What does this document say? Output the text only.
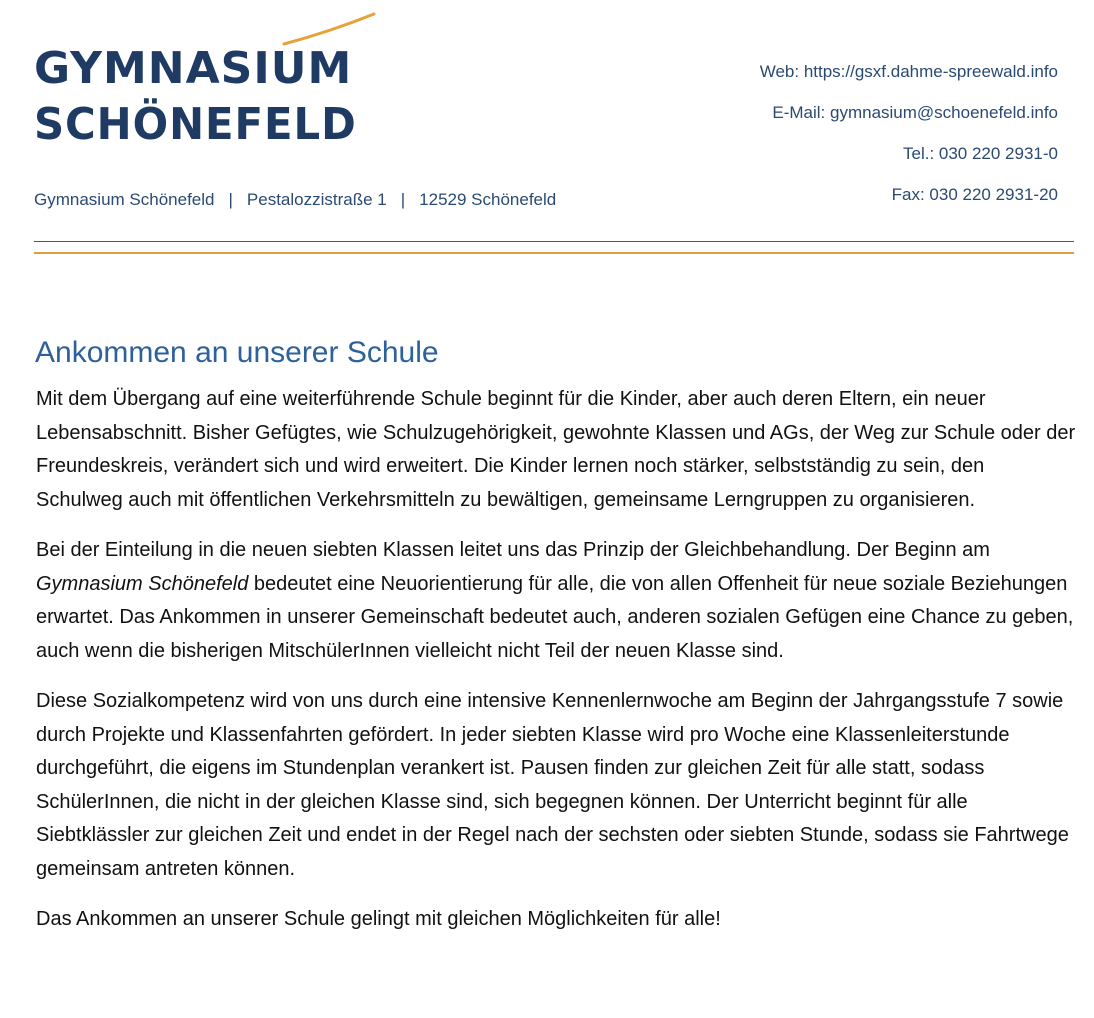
GYMNASIUM
SCHÖNEFELD
Gymnasium Schönefeld | Pestalozzistraße 1 | 12529 Schönefeld
Web: https://gsxf.dahme-spreewald.info
E-Mail: gymnasium@schoenefeld.info
Tel.: 030 220 2931-0
Fax: 030 220 2931-20
Ankommen an unserer Schule

Mit dem Übergang auf eine weiterführende Schule beginnt für die Kinder, aber auch deren Eltern, ein neuer Lebensabschnitt. Bisher Gefügtes, wie Schulzugehörigkeit, gewohnte Klassen und AGs, der Weg zur Schule oder der Freundeskreis, verändert sich und wird erweitert. Die Kinder lernen noch stärker, selbstständig zu sein, den Schulweg auch mit öffentlichen Verkehrsmitteln zu bewältigen, gemeinsame Lerngruppen zu organisieren.

Bei der Einteilung in die neuen siebten Klassen leitet uns das Prinzip der Gleichbehandlung. Der Beginn am Gymnasium Schönefeld bedeutet eine Neuorientierung für alle, die von allen Offenheit für neue soziale Beziehungen erwartet. Das Ankommen in unserer Gemeinschaft bedeutet auch, anderen sozialen Gefügen eine Chance zu geben, auch wenn die bisherigen MitschülerInnen vielleicht nicht Teil der neuen Klasse sind.

Diese Sozialkompetenz wird von uns durch eine intensive Kennenlernwoche am Beginn der Jahrgangsstufe 7 sowie durch Projekte und Klassenfahrten gefördert. In jeder siebten Klasse wird pro Woche eine Klassenleiterstunde durchgeführt, die eigens im Stundenplan verankert ist. Pausen finden zur gleichen Zeit für alle statt, sodass SchülerInnen, die nicht in der gleichen Klasse sind, sich begegnen können. Der Unterricht beginnt für alle Siebtklässler zur gleichen Zeit und endet in der Regel nach der sechsten oder siebten Stunde, sodass sie Fahrtwege gemeinsam antreten können.

Das Ankommen an unserer Schule gelingt mit gleichen Möglichkeiten für alle!
